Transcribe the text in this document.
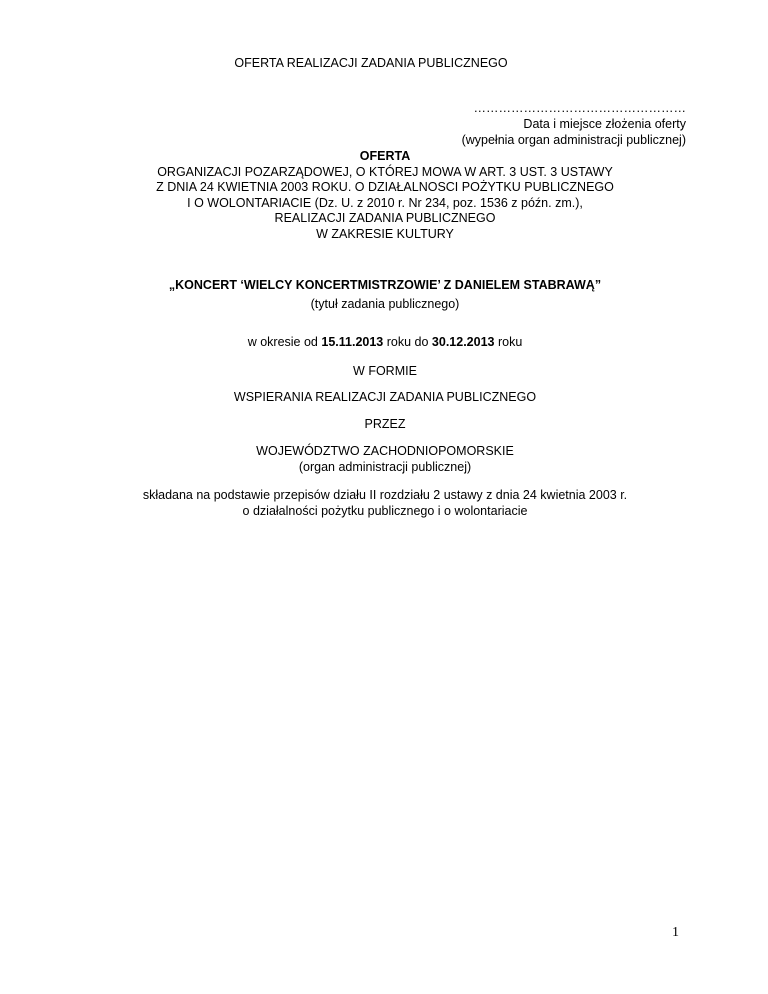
OFERTA REALIZACJI ZADANIA PUBLICZNEGO
……………………………………………
Data i miejsce złożenia oferty
(wypełnia organ administracji publicznej)
OFERTA
ORGANIZACJI POZARZĄDOWEJ, O KTÓREJ MOWA W ART. 3 UST. 3 USTAWY
Z DNIA 24 KWIETNIA 2003 ROKU. O DZIAŁALNOSCI POŻYTKU PUBLICZNEGO
I O WOLONTARIACIE (Dz. U. z 2010 r. Nr 234, poz. 1536 z późn. zm.),
REALIZACJI ZADANIA PUBLICZNEGO
W ZAKRESIE KULTURY
„KONCERT ‘WIELCY KONCERTMISTRZOWIE’ Z DANIELEM STABRAWĄ”
(tytuł zadania publicznego)
w okresie od 15.11.2013 roku do 30.12.2013 roku
W FORMIE
WSPIERANIA REALIZACJI ZADANIA PUBLICZNEGO
PRZEZ
WOJEWÓDZTWO ZACHODNIOPOMORSKIE
(organ administracji publicznej)
składana na podstawie przepisów działu II rozdziału 2 ustawy z dnia 24 kwietnia 2003 r.
o działalności pożytku publicznego i o wolontariacie
1
